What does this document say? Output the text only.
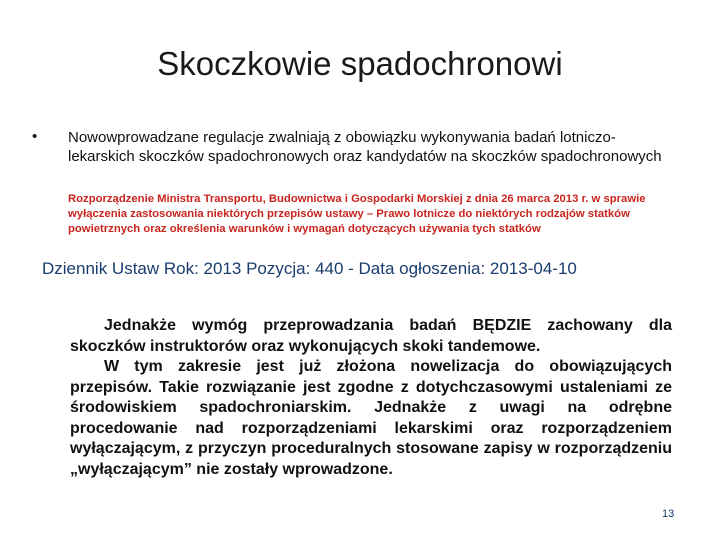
Skoczkowie spadochronowi
• Nowowprowadzane regulacje zwalniają z obowiązku wykonywania badań lotniczo-lekarskich skoczków spadochronowych oraz kandydatów na skoczków spadochronowych
Rozporządzenie Ministra Transportu, Budownictwa i Gospodarki Morskiej z dnia 26 marca 2013 r. w sprawie wyłączenia zastosowania niektórych przepisów ustawy – Prawo lotnicze do niektórych rodzajów statków powietrznych oraz określenia warunków i wymagań dotyczących używania tych statków
Dziennik Ustaw Rok: 2013 Pozycja: 440 - Data ogłoszenia: 2013-04-10

Jednakże wymóg przeprowadzania badań BĘDZIE zachowany dla skoczków instruktorów oraz wykonujących skoki tandemowe.

W tym zakresie jest już złożona nowelizacja do obowiązujących przepisów. Takie rozwiązanie jest zgodne z dotychczasowymi ustaleniami ze środowiskiem spadochroniarskim. Jednakże z uwagi na odrębne procedowanie nad rozporządzeniami lekarskimi oraz rozporządzeniem wyłączającym, z przyczyn proceduralnych stosowane zapisy w rozporządzeniu „wyłączającym” nie zostały wprowadzone.

13
